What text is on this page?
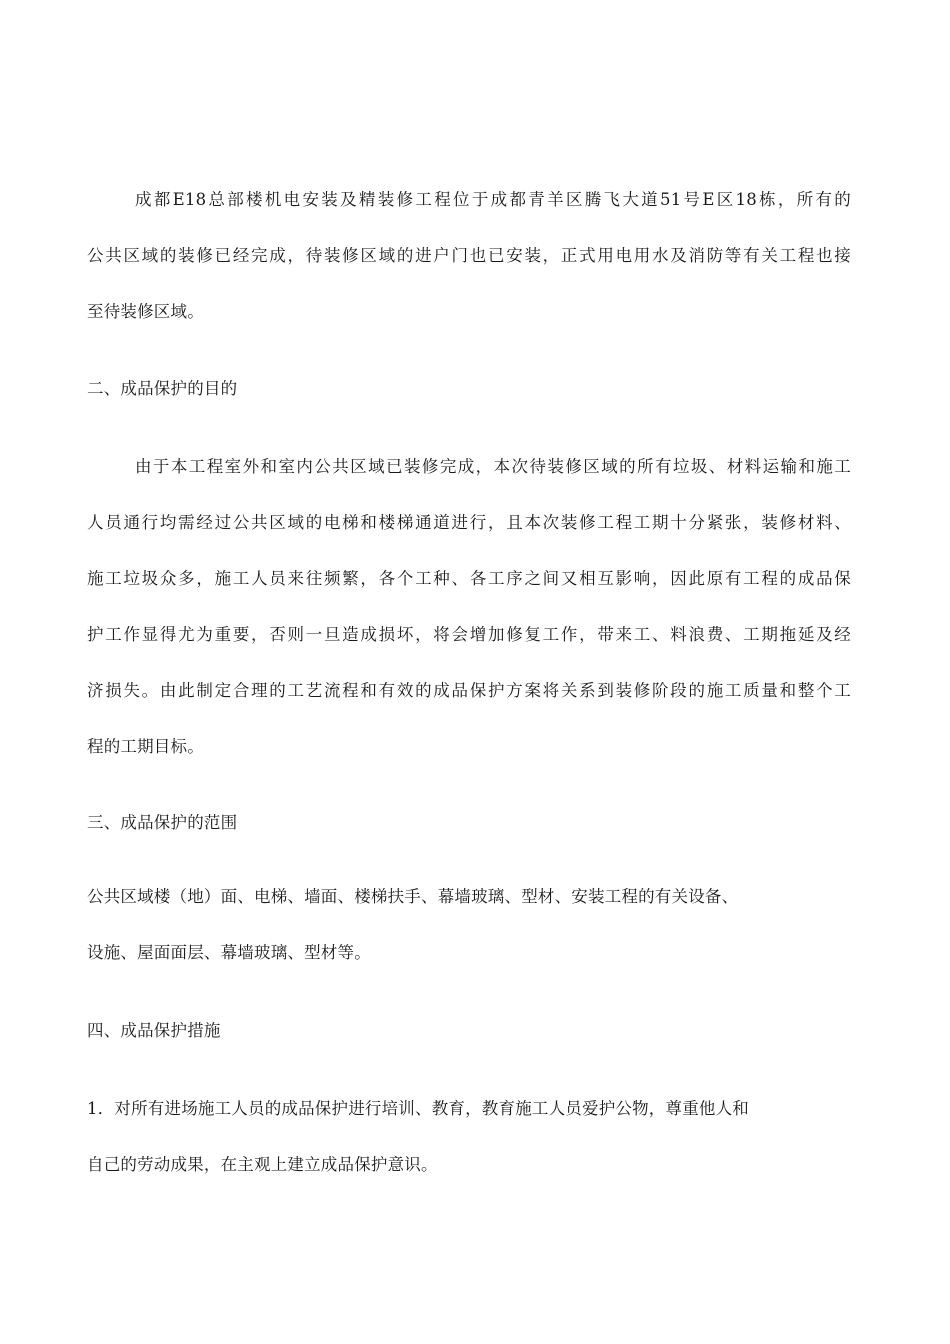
成都E18总部楼机电安装及精装修工程位于成都青羊区腾飞大道51号E区18栋，所有的
公共区域的装修已经完成，待装修区域的进户门也已安装，正式用电用水及消防等有关工程也接
至待装修区域。
二、成品保护的目的
由于本工程室外和室内公共区域已装修完成，本次待装修区域的所有垃圾、材料运输和施工
人员通行均需经过公共区域的电梯和楼梯通道进行，且本次装修工程工期十分紧张，装修材料、
施工垃圾众多，施工人员来往频繁，各个工种、各工序之间又相互影响，因此原有工程的成品保
护工作显得尤为重要，否则一旦造成损坏，将会增加修复工作，带来工、料浪费、工期拖延及经
济损失。由此制定合理的工艺流程和有效的成品保护方案将关系到装修阶段的施工质量和整个工
程的工期目标。
三、成品保护的范围
公共区域楼（地）面、电梯、墙面、楼梯扶手、幕墙玻璃、型材、安装工程的有关设备、
设施、屋面面层、幕墙玻璃、型材等。
四、成品保护措施
1．对所有进场施工人员的成品保护进行培训、教育，教育施工人员爱护公物，尊重他人和
自己的劳动成果，在主观上建立成品保护意识。
